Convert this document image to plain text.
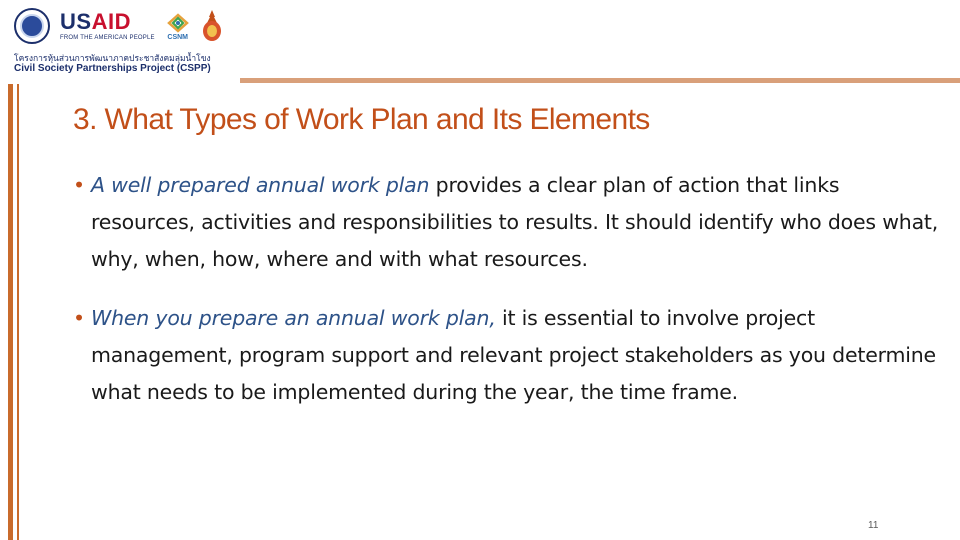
USAID
FROM THE AMERICAN PEOPLE CSNM
โครงการหุ้นส่วนการพัฒนาภาคประชาสังคมลุ่มน้ำโขง
Civil Society Partnerships Project (CSPP)
3. What Types of Work Plan and Its Elements
• A well prepared annual work plan provides a clear plan of action that links resources, activities and responsibilities to results. It should identify who does what, why, when, how, where and with what resources.
• When you prepare an annual work plan, it is essential to involve project management, program support and relevant project stakeholders as you determine what needs to be implemented during the year, the time frame.
11
